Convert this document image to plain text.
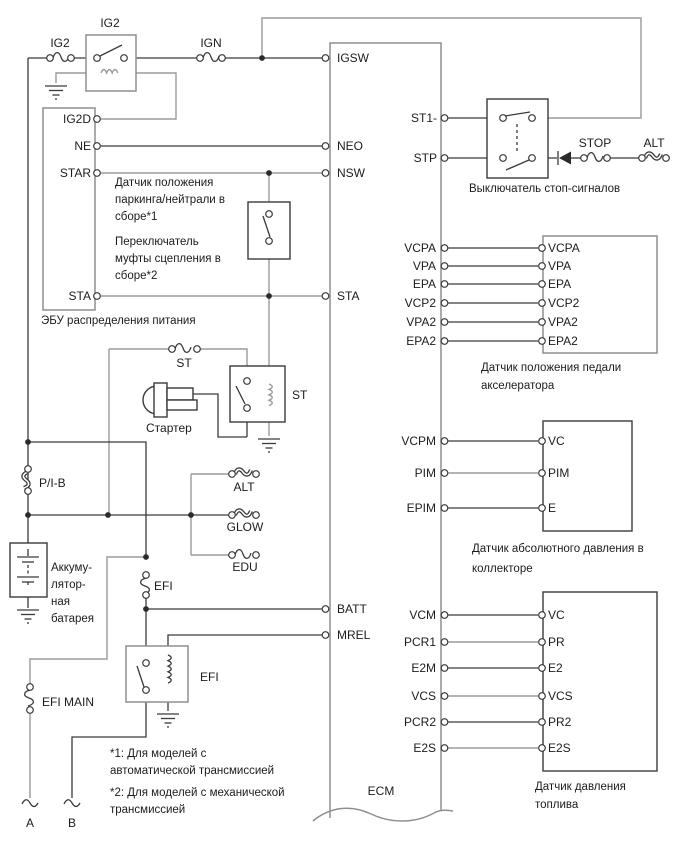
IG2
IG2
IGN
IGSW
NEO
NSW
STA
BATT
MREL
ST1-
STP
STOP	ALT
Выключатель стоп-сигналов
IG2D
NE
STAR
STA
ЭБУ распределения питания
Датчик положения
паркинга/нейтрали в
сборе*1
Переключатель
муфты сцепления в
сборе*2
ST
ST
Стартер
P/I-B	ALT
GLOW
EDU
EFI
Аккуму-
лятор-
ная
батарея
EFI
EFI MAIN
A	B
*1: Для моделей с
автоматической трансмиссией
*2: Для моделей с механической
трансмиссией
ECM
VCPA
VPA
EPA
VCP2
VPA2
EPA2
VCPA
VPA
EPA
VCP2
VPA2
EPA2
Датчик положения педали
акселератора
VCPM
PIM
EPIM
VC
PIM
E
Датчик абсолютного давления в
коллекторе
VCM
PCR1
E2M
VCS
PCR2
E2S
VC
PR
E2
VCS
PR2
E2S
Датчик давления
топлива
